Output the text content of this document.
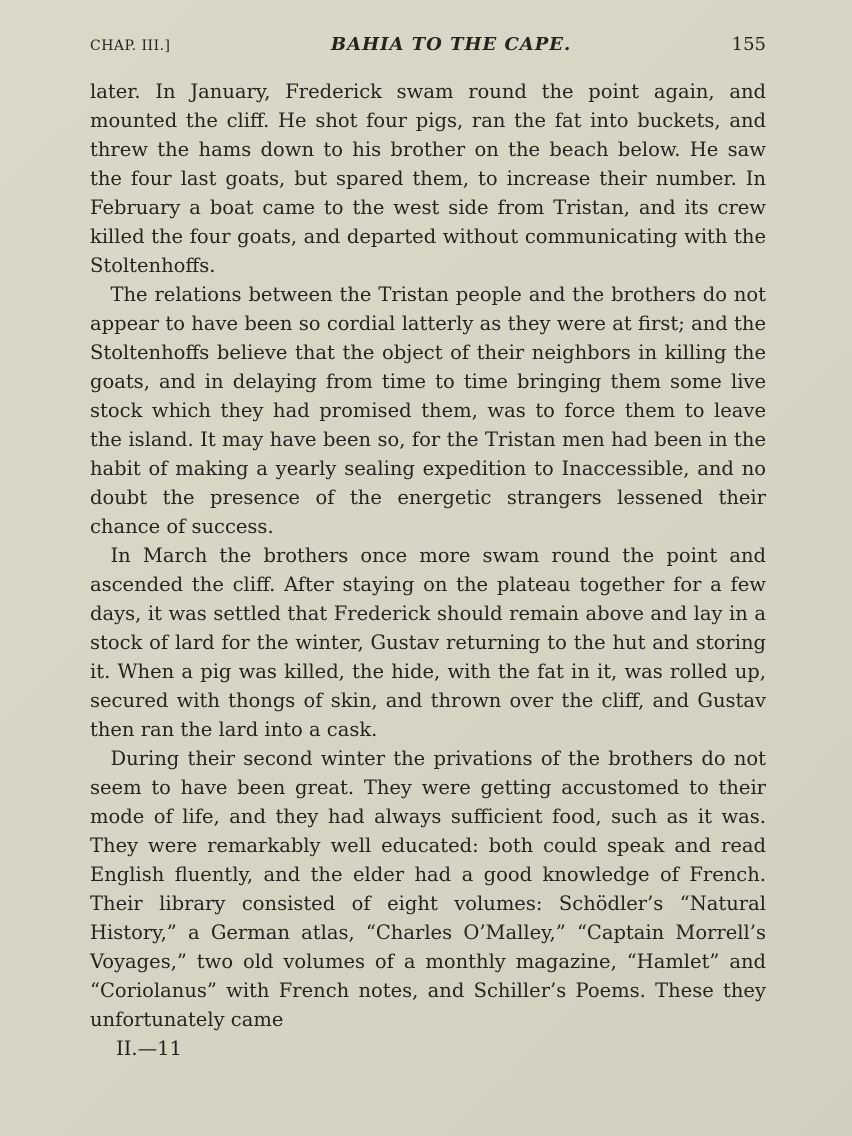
CHAP. III.]	BAHIA TO THE CAPE.	155

later. In January, Frederick swam round the point again, and mounted the cliff. He shot four pigs, ran the fat into buckets, and threw the hams down to his brother on the beach below. He saw the four last goats, but spared them, to increase their number. In February a boat came to the west side from Tristan, and its crew killed the four goats, and departed without communicating with the Stoltenhoffs.

The relations between the Tristan people and the brothers do not appear to have been so cordial latterly as they were at first; and the Stoltenhoffs believe that the object of their neighbors in killing the goats, and in delaying from time to time bringing them some live stock which they had promised them, was to force them to leave the island. It may have been so, for the Tristan men had been in the habit of making a yearly sealing expedition to Inaccessible, and no doubt the presence of the energetic strangers lessened their chance of success.

In March the brothers once more swam round the point and ascended the cliff. After staying on the plateau together for a few days, it was settled that Frederick should remain above and lay in a stock of lard for the winter, Gustav returning to the hut and storing it. When a pig was killed, the hide, with the fat in it, was rolled up, secured with thongs of skin, and thrown over the cliff, and Gustav then ran the lard into a cask.

During their second winter the privations of the brothers do not seem to have been great. They were getting accustomed to their mode of life, and they had always sufficient food, such as it was. They were remarkably well educated: both could speak and read English fluently, and the elder had a good knowledge of French. Their library consisted of eight volumes: Schödler’s “Natural History,” a German atlas, “Charles O’Malley,” “Captain Morrell’s Voyages,” two old volumes of a monthly magazine, “Hamlet” and “Coriolanus” with French notes, and Schiller’s Poems. These they unfortunately came

II.—11
